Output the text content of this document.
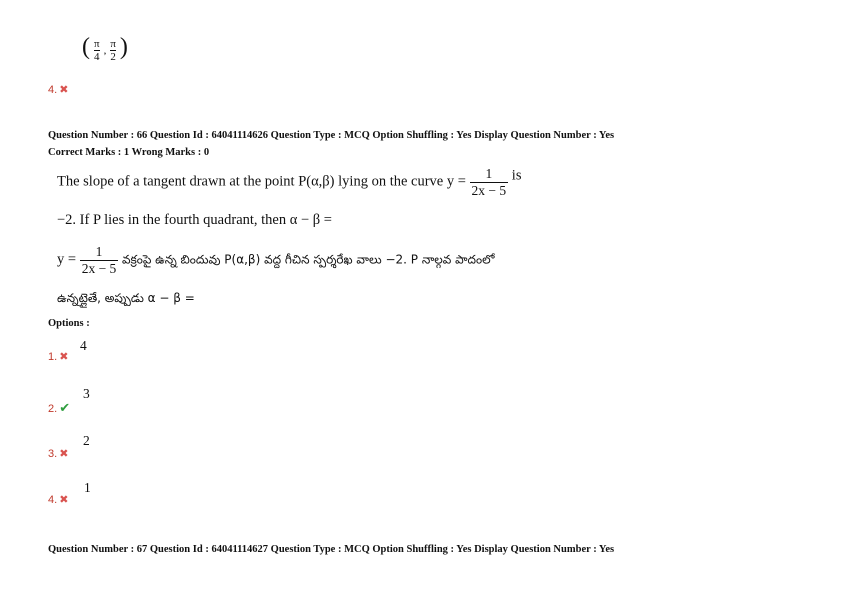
( $\frac{\pi}{4}$ , $\frac{\pi}{2}$ )
4. ✖
Question Number : 66 Question Id : 64041114626 Question Type : MCQ Option Shuffling : Yes Display Question Number : Yes
Correct Marks : 1 Wrong Marks : 0
The slope of a tangent drawn at the point P(α,β) lying on the curve $y = \frac{1}{2x - 5}$ is
−2. If P lies in the fourth quadrant, then α − β =
$y = \frac{1}{2x - 5}$ వక్రంపై ఉన్న బిందువు P(α,β) వద్ద గీచిన స్పర్శరేఖ వాలు −2. P నాల్గవ పాదంలో
ఉన్నట్లైతే, అప్పుడు α − β =
Options :
1. ✖
4
2. ✔
3
3. ✖
2
4. ✖
1
Question Number : 67 Question Id : 64041114627 Question Type : MCQ Option Shuffling : Yes Display Question Number : Yes
